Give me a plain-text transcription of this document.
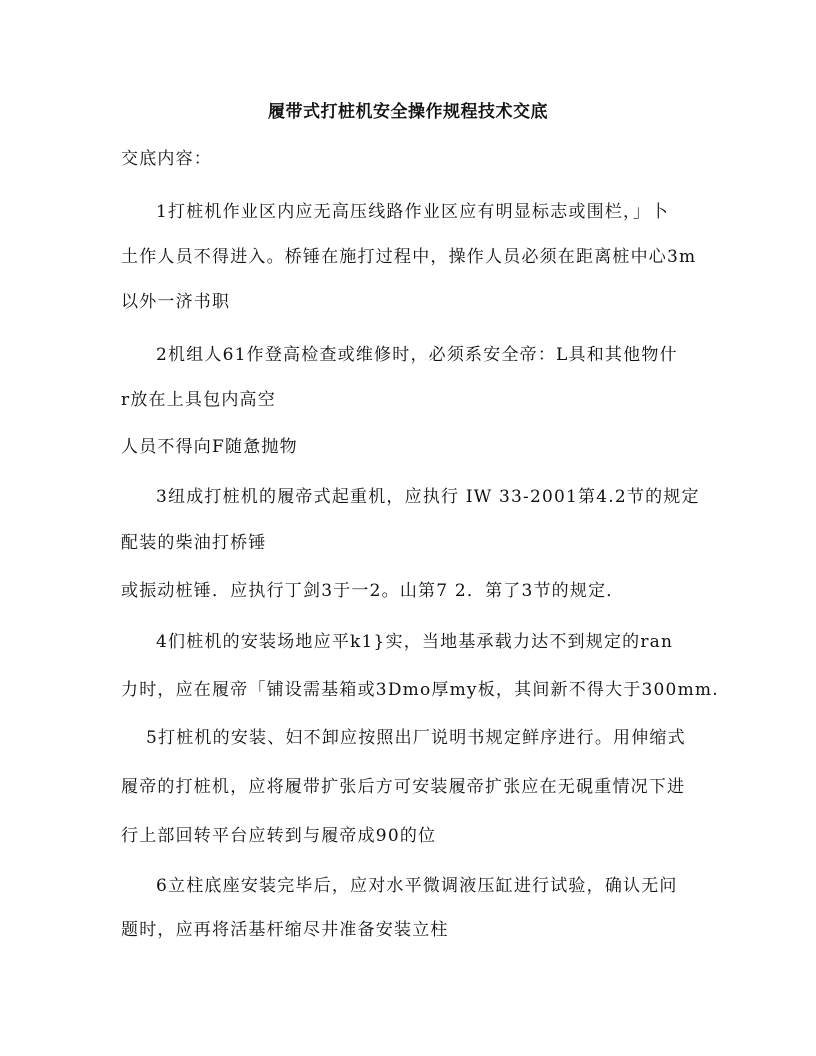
履带式打桩机安全操作规程技术交底
交底内容：
1打桩机作业区内应无高压线路作业区应有明显标志或围栏，」卜
土作人员不得进入。桥锤在施打过程中，操作人员必须在距离桩中心3m
以外一济书职
2机组人61作登高检查或维修时，必须系安全帝：L具和其他物什
r放在上具包内高空
人员不得向F随惫抛物
3纽成打桩机的履帝式起重机，应执行 IW 33-2001第4.2节的规定
配装的柴油打桥锤
或振动桩锤．应执行丁剑3于一2。山第7 2．第了3节的规定．
4们桩机的安装场地应平k1}实，当地基承载力达不到规定的ran
力时，应在履帝「铺设需基箱或3Dmo厚my板，其间新不得大于300mm.
5打桩机的安装、妇不卸应按照出厂说明书规定鲜序进行。用伸缩式
履帝的打桩机，应将履带扩张后方可安装履帝扩张应在无硯重情况下进
行上部回转平台应转到与履帝成90的位
6立柱底座安装完毕后，应对水平微调液压缸进行试验，确认无问
题时，应再将活基杆缩尽井准备安装立柱
